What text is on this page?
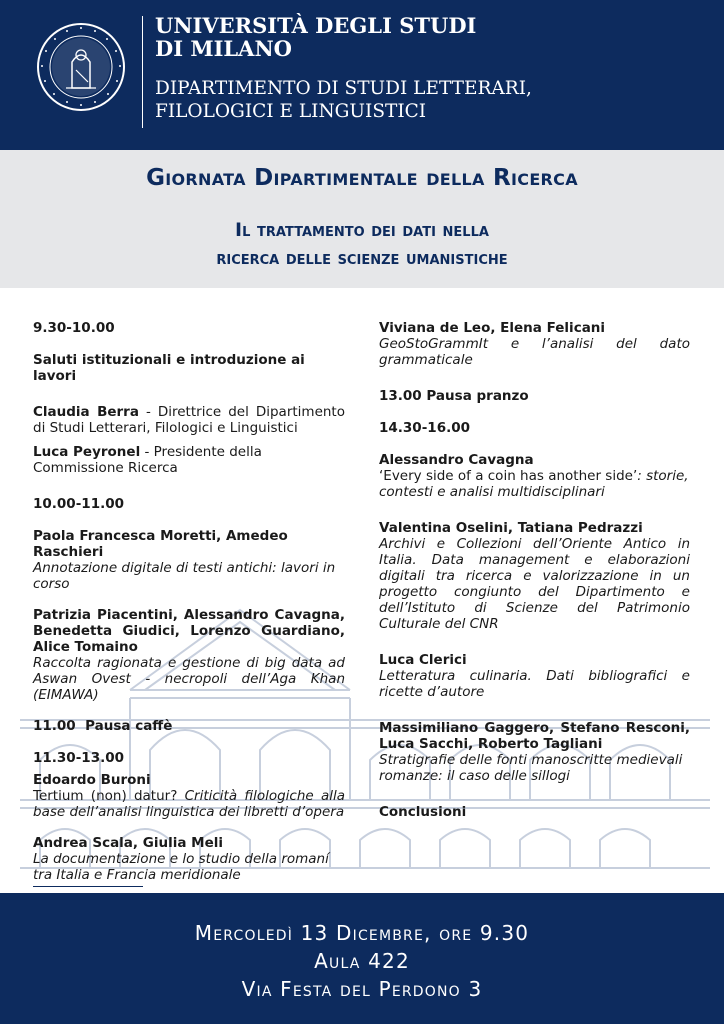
UNIVERSITÀ DEGLI STUDI
DI MILANO
DIPARTIMENTO DI STUDI LETTERARI,
FILOLOGICI E LINGUISTICI
Giornata Dipartimentale della Ricerca
Il trattamento dei dati nella
ricerca delle scienze umanistiche
9.30-10.00
Saluti istituzionali e introduzione ai lavori
Claudia Berra - Direttrice del Dipartimento di Studi Letterari, Filologici e Linguistici
Luca Peyronel - Presidente della Commissione Ricerca
10.00-11.00
Paola Francesca Moretti, Amedeo Raschieri
Annotazione digitale di testi antichi: lavori in corso
Patrizia Piacentini, Alessandro Cavagna, Benedetta Giudici, Lorenzo Guardiano, Alice Tomaino
Raccolta ragionata e gestione di big data ad Aswan Ovest - necropoli dell’Aga Khan (EIMAWA)
11.00  Pausa caffè
11.30-13.00
Edoardo Buroni
Tertium (non) datur? Criticità filologiche alla base dell’analisi linguistica dei libretti d’opera
Andrea Scala, Giulia Meli
La documentazione e lo studio della romaní tra Italia e Francia meridionale
Viviana de Leo, Elena Felicani
GeoStoGrammIt e l’analisi del dato grammaticale
13.00 Pausa pranzo
14.30-16.00
Alessandro Cavagna
‘Every side of a coin has another side’: storie, contesti e analisi multidisciplinari
Valentina Oselini, Tatiana Pedrazzi
Archivi e Collezioni dell’Oriente Antico in Italia. Data management e elaborazioni digitali tra ricerca e valorizzazione in un progetto congiunto del Dipartimento e dell’Istituto di Scienze del Patrimonio Culturale del CNR
Luca Clerici
Letteratura culinaria. Dati bibliografici e ricette d’autore
Massimiliano Gaggero, Stefano Resconi, Luca Sacchi, Roberto Tagliani
Stratigrafie delle fonti manoscritte medievali romanze: il caso delle sillogi
Conclusioni
Mercoledì 13 Dicembre, ore 9.30
Aula 422
Via Festa del Perdono 3
